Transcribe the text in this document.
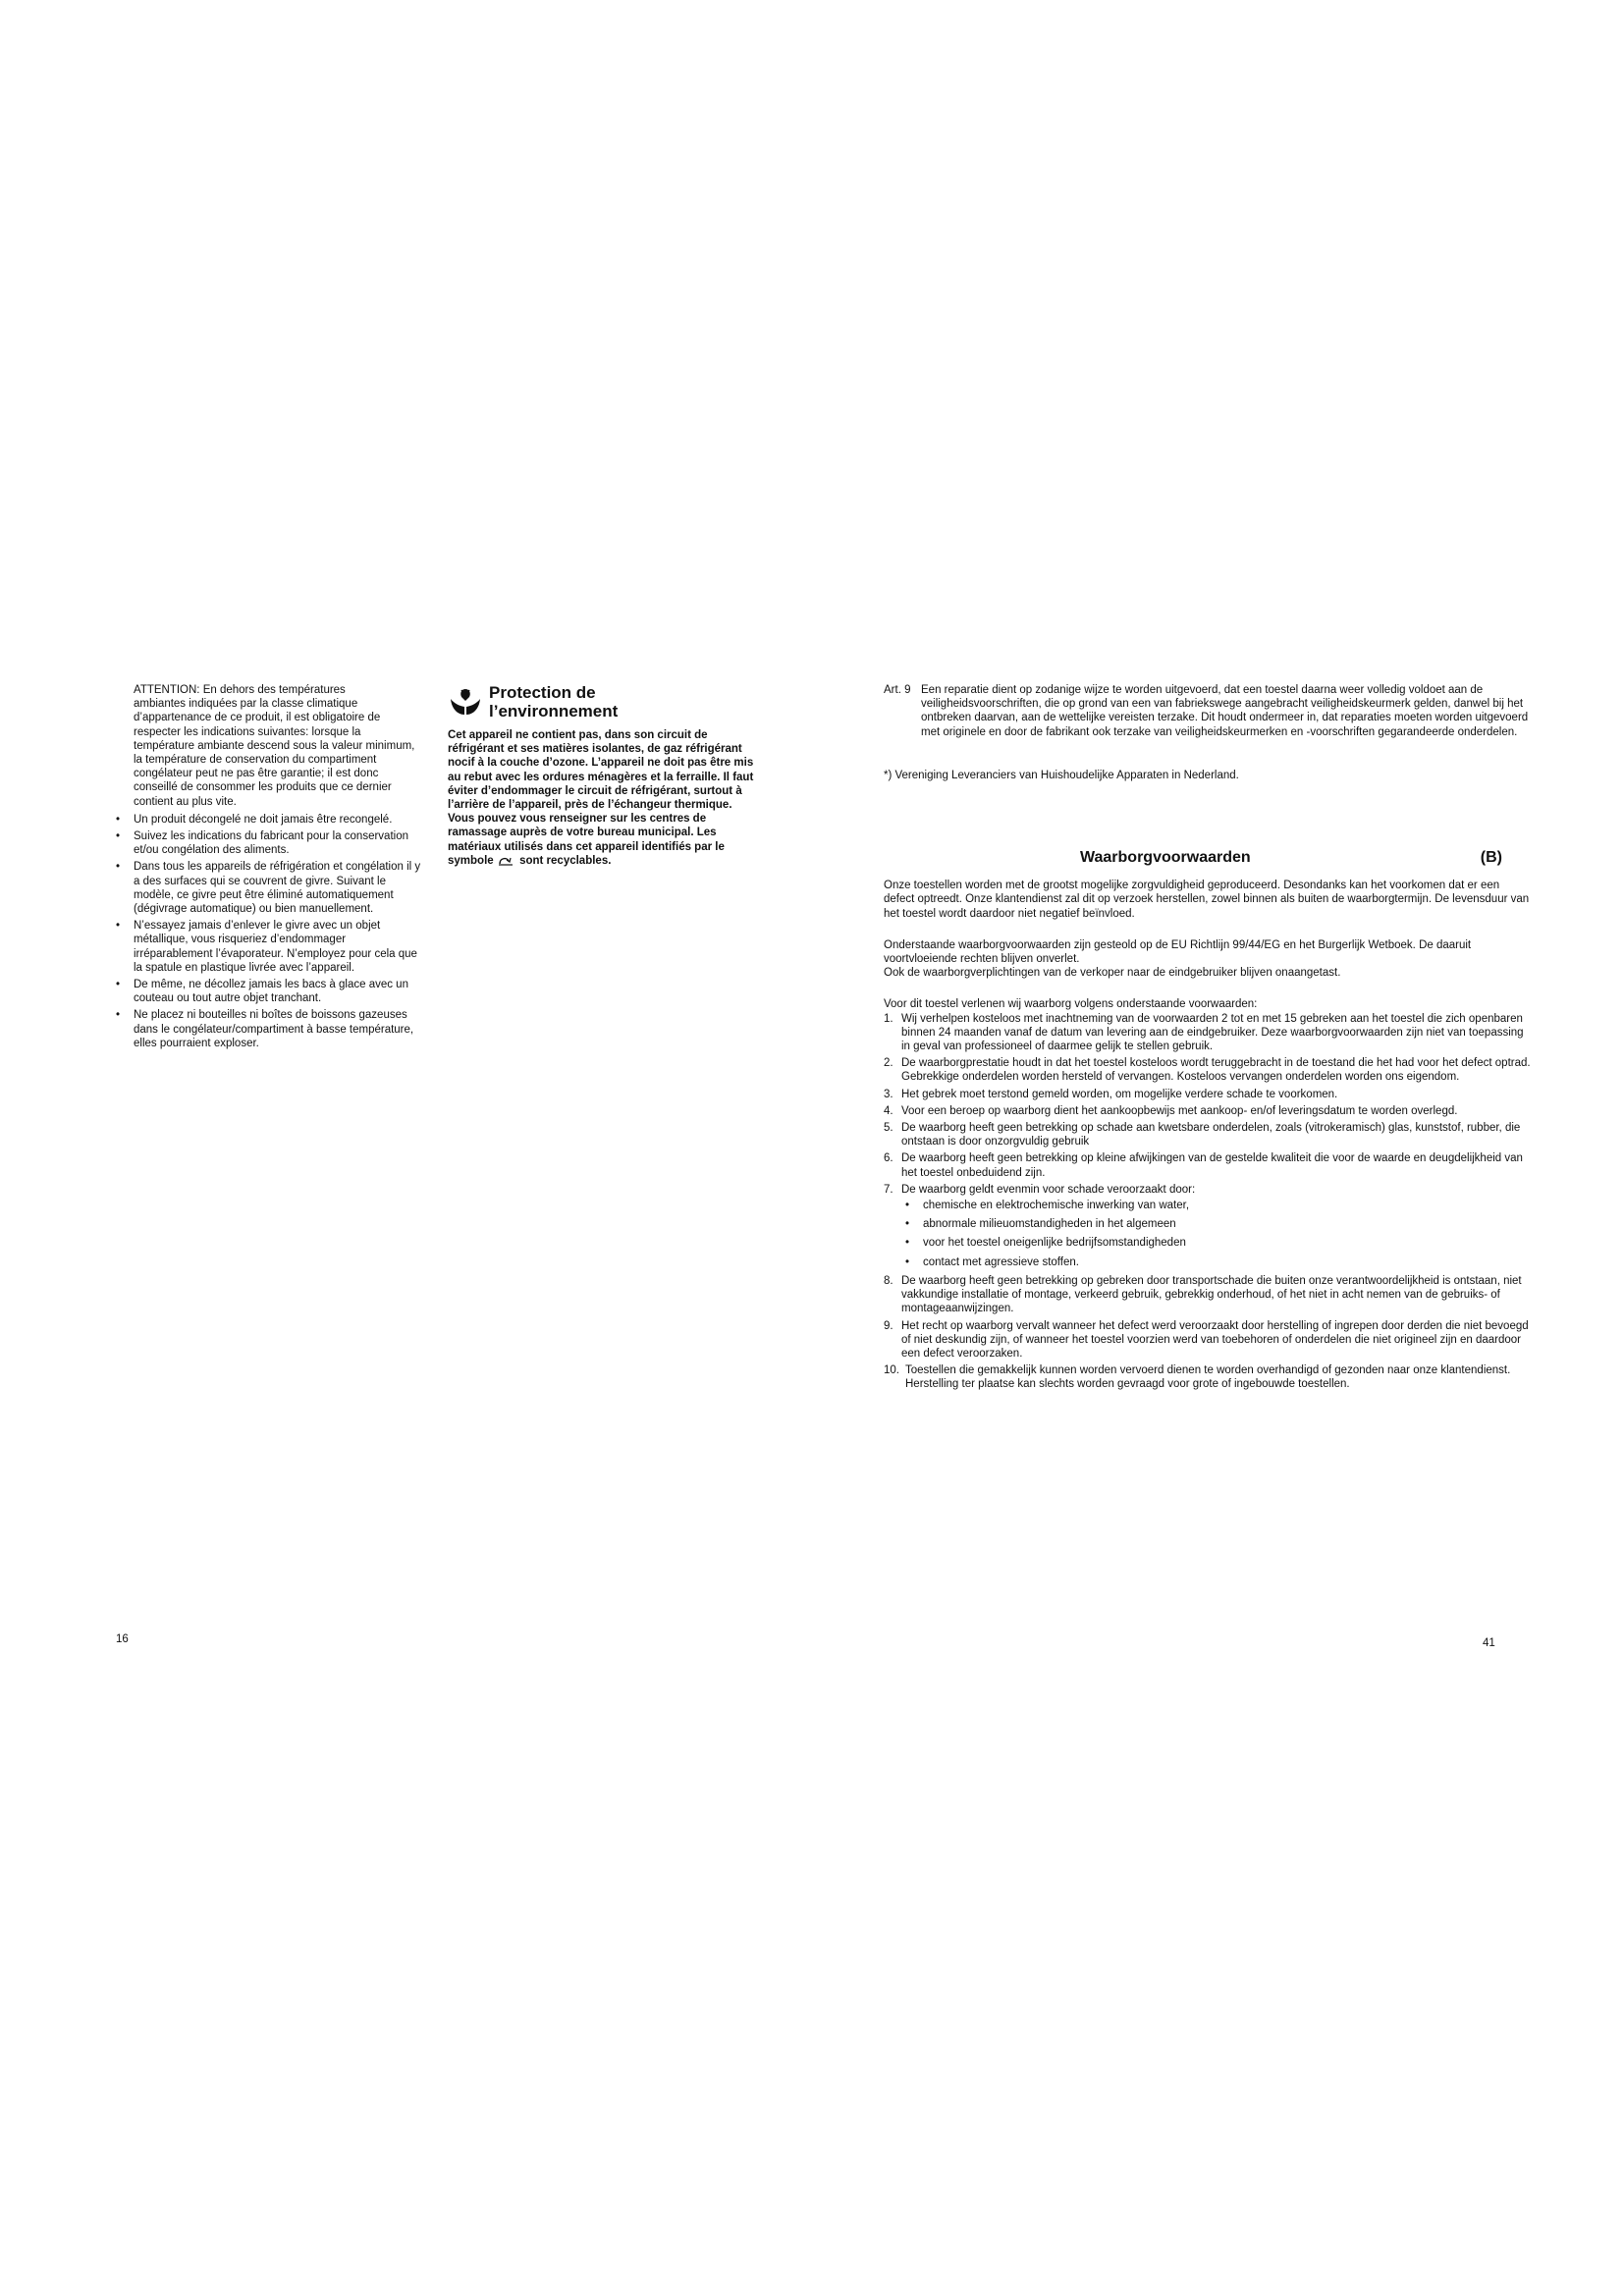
ATTENTION: En dehors des températures
ambiantes indiquées par la classe climatique d’appartenance de ce produit, il est obligatoire de respecter les indications suivantes: lorsque la température ambiante descend sous la valeur minimum, la température de conservation du compartiment congélateur peut ne pas être garantie; il est donc conseillé de consommer les produits que ce dernier contient au plus vite.
• Un produit décongelé ne doit jamais être recongelé.
• Suivez les indications du fabricant pour la conservation et/ou congélation des aliments.
• Dans tous les appareils de réfrigération et congélation il y a des surfaces qui se couvrent de givre. Suivant le modèle, ce givre peut être éliminé automatiquement (dégivrage automatique) ou bien manuellement.
• N’essayez jamais d’enlever le givre avec un objet métallique, vous risqueriez d’endommager irréparablement l’évaporateur. N’employez pour cela que la spatule en plastique livrée avec l’appareil.
• De même, ne décollez jamais les bacs à glace avec un couteau ou tout autre objet tranchant.
• Ne placez ni bouteilles ni boîtes de boissons gazeuses dans le congélateur/compartiment à basse température, elles pourraient exploser.
Protection de
l’environnement
Cet appareil ne contient pas, dans son circuit de réfrigérant et ses matières isolantes, de gaz réfrigérant nocif à la couche d’ozone. L’appareil ne doit pas être mis au rebut avec les ordures ménagères et la ferraille. Il faut éviter d’endommager le circuit de réfrigérant, surtout à l’arrière de l’appareil, près de l’échangeur thermique. Vous pouvez vous renseigner sur les centres de ramassage auprès de votre bureau municipal. Les matériaux utilisés dans cet appareil identifiés par le symbole sont recyclables.
16
Art. 9 Een reparatie dient op zodanige wijze te worden uitgevoerd, dat een toestel daarna weer volledig voldoet aan de veiligheidsvoorschriften, die op grond van een van fabriekswege aangebracht veiligheidskeurmerk gelden, danwel bij het ontbreken daarvan, aan de wettelijke vereisten terzake. Dit houdt ondermeer in, dat reparaties moeten worden uitgevoerd met originele en door de fabrikant ook terzake van veiligheidskeurmerken en -voorschriften gegarandeerde onderdelen.
*) Vereniging Leveranciers van Huishoudelijke Apparaten in Nederland.
Waarborgvoorwaarden	(B)
Onze toestellen worden met de grootst mogelijke zorgvuldigheid geproduceerd. Desondanks kan het voorkomen dat er een defect optreedt. Onze klantendienst zal dit op verzoek herstellen, zowel binnen als buiten de waarborgtermijn. De levensduur van het toestel wordt daardoor niet negatief beïnvloed.
Onderstaande waarborgvoorwaarden zijn gesteold op de EU Richtlijn 99/44/EG en het Burgerlijk Wetboek. De daaruit voortvloeiende rechten blijven onverlet.
Ook de waarborgverplichtingen van de verkoper naar de eindgebruiker blijven onaangetast.
Voor dit toestel verlenen wij waarborg volgens onderstaande voorwaarden:
1. Wij verhelpen kosteloos met inachtneming van de voorwaarden 2 tot en met 15 gebreken aan het toestel die zich openbaren binnen 24 maanden vanaf de datum van levering aan de eindgebruiker. Deze waarborgvoorwaarden zijn niet van toepassing in geval van professioneel of daarmee gelijk te stellen gebruik.
2. De waarborgprestatie houdt in dat het toestel kosteloos wordt teruggebracht in de toestand die het had voor het defect optrad. Gebrekkige onderdelen worden hersteld of vervangen. Kosteloos vervangen onderdelen worden ons eigendom.
3. Het gebrek moet terstond gemeld worden, om mogelijke verdere schade te voorkomen.
4. Voor een beroep op waarborg dient het aankoopbewijs met aankoop- en/of leveringsdatum te worden overlegd.
5. De waarborg heeft geen betrekking op schade aan kwetsbare onderdelen, zoals (vitrokeramisch) glas, kunststof, rubber, die ontstaan is door onzorgvuldig gebruik
6. De waarborg heeft geen betrekking op kleine afwijkingen van de gestelde kwaliteit die voor de waarde en deugdelijkheid van het toestel onbeduidend zijn.
7. De waarborg geldt evenmin voor schade veroorzaakt door:
• chemische en elektrochemische inwerking van water,
• abnormale milieuomstandigheden in het algemeen
• voor het toestel oneigenlijke bedrijfsomstandigheden
• contact met agressieve stoffen.
8. De waarborg heeft geen betrekking op gebreken door transportschade die buiten onze verantwoordelijkheid is ontstaan, niet vakkundige installatie of montage, verkeerd gebruik, gebrekkig onderhoud, of het niet in acht nemen van de gebruiks- of montageaanwijzingen.
9. Het recht op waarborg vervalt wanneer het defect werd veroorzaakt door herstelling of ingrepen door derden die niet bevoegd of niet deskundig zijn, of wanneer het toestel voorzien werd van toebehoren of onderdelen die niet origineel zijn en daardoor een defect veroorzaken.
10. Toestellen die gemakkelijk kunnen worden vervoerd dienen te worden overhandigd of gezonden naar onze klantendienst. Herstelling ter plaatse kan slechts worden gevraagd voor grote of ingebouwde toestellen.
41
